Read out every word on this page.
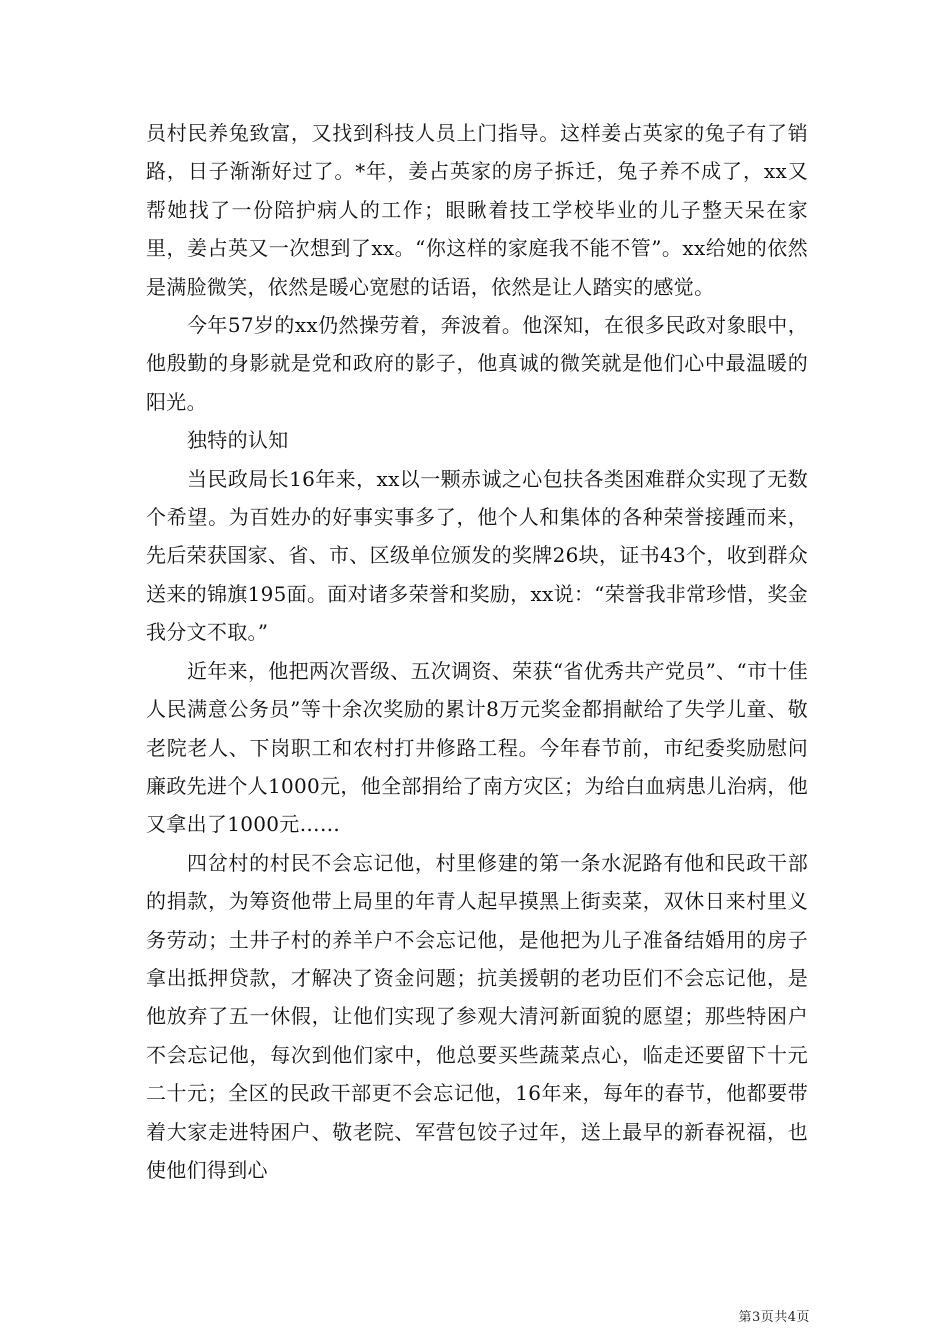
员村民养兔致富，又找到科技人员上门指导。这样姜占英家的兔子有了销路，日子渐渐好过了。*年，姜占英家的房子拆迁，兔子养不成了，xx又帮她找了一份陪护病人的工作；眼瞅着技工学校毕业的儿子整天呆在家里，姜占英又一次想到了xx。“你这样的家庭我不能不管”。xx给她的依然是满脸微笑，依然是暖心宽慰的话语，依然是让人踏实的感觉。

今年57岁的xx仍然操劳着，奔波着。他深知，在很多民政对象眼中，他殷勤的身影就是党和政府的影子，他真诚的微笑就是他们心中最温暖的阳光。

独特的认知

当民政局长16年来，xx以一颗赤诚之心包扶各类困难群众实现了无数个希望。为百姓办的好事实事多了，他个人和集体的各种荣誉接踵而来，先后荣获国家、省、市、区级单位颁发的奖牌26块，证书43个，收到群众送来的锦旗195面。面对诸多荣誉和奖励，xx说：“荣誉我非常珍惜，奖金我分文不取。”

近年来，他把两次晋级、五次调资、荣获“省优秀共产党员”、“市十佳人民满意公务员”等十余次奖励的累计8万元奖金都捐献给了失学儿童、敬老院老人、下岗职工和农村打井修路工程。今年春节前，市纪委奖励慰问廉政先进个人1000元，他全部捐给了南方灾区；为给白血病患儿治病，他又拿出了1000元……

四岔村的村民不会忘记他，村里修建的第一条水泥路有他和民政干部的捐款，为筹资他带上局里的年青人起早摸黑上街卖菜，双休日来村里义务劳动；土井子村的养羊户不会忘记他，是他把为儿子准备结婚用的房子拿出抵押贷款，才解决了资金问题；抗美援朝的老功臣们不会忘记他，是他放弃了五一休假，让他们实现了参观大清河新面貌的愿望；那些特困户不会忘记他，每次到他们家中，他总要买些蔬菜点心，临走还要留下十元二十元；全区的民政干部更不会忘记他，16年来，每年的春节，他都要带着大家走进特困户、敬老院、军营包饺子过年，送上最早的新春祝福，也使他们得到心

第3页共4页
